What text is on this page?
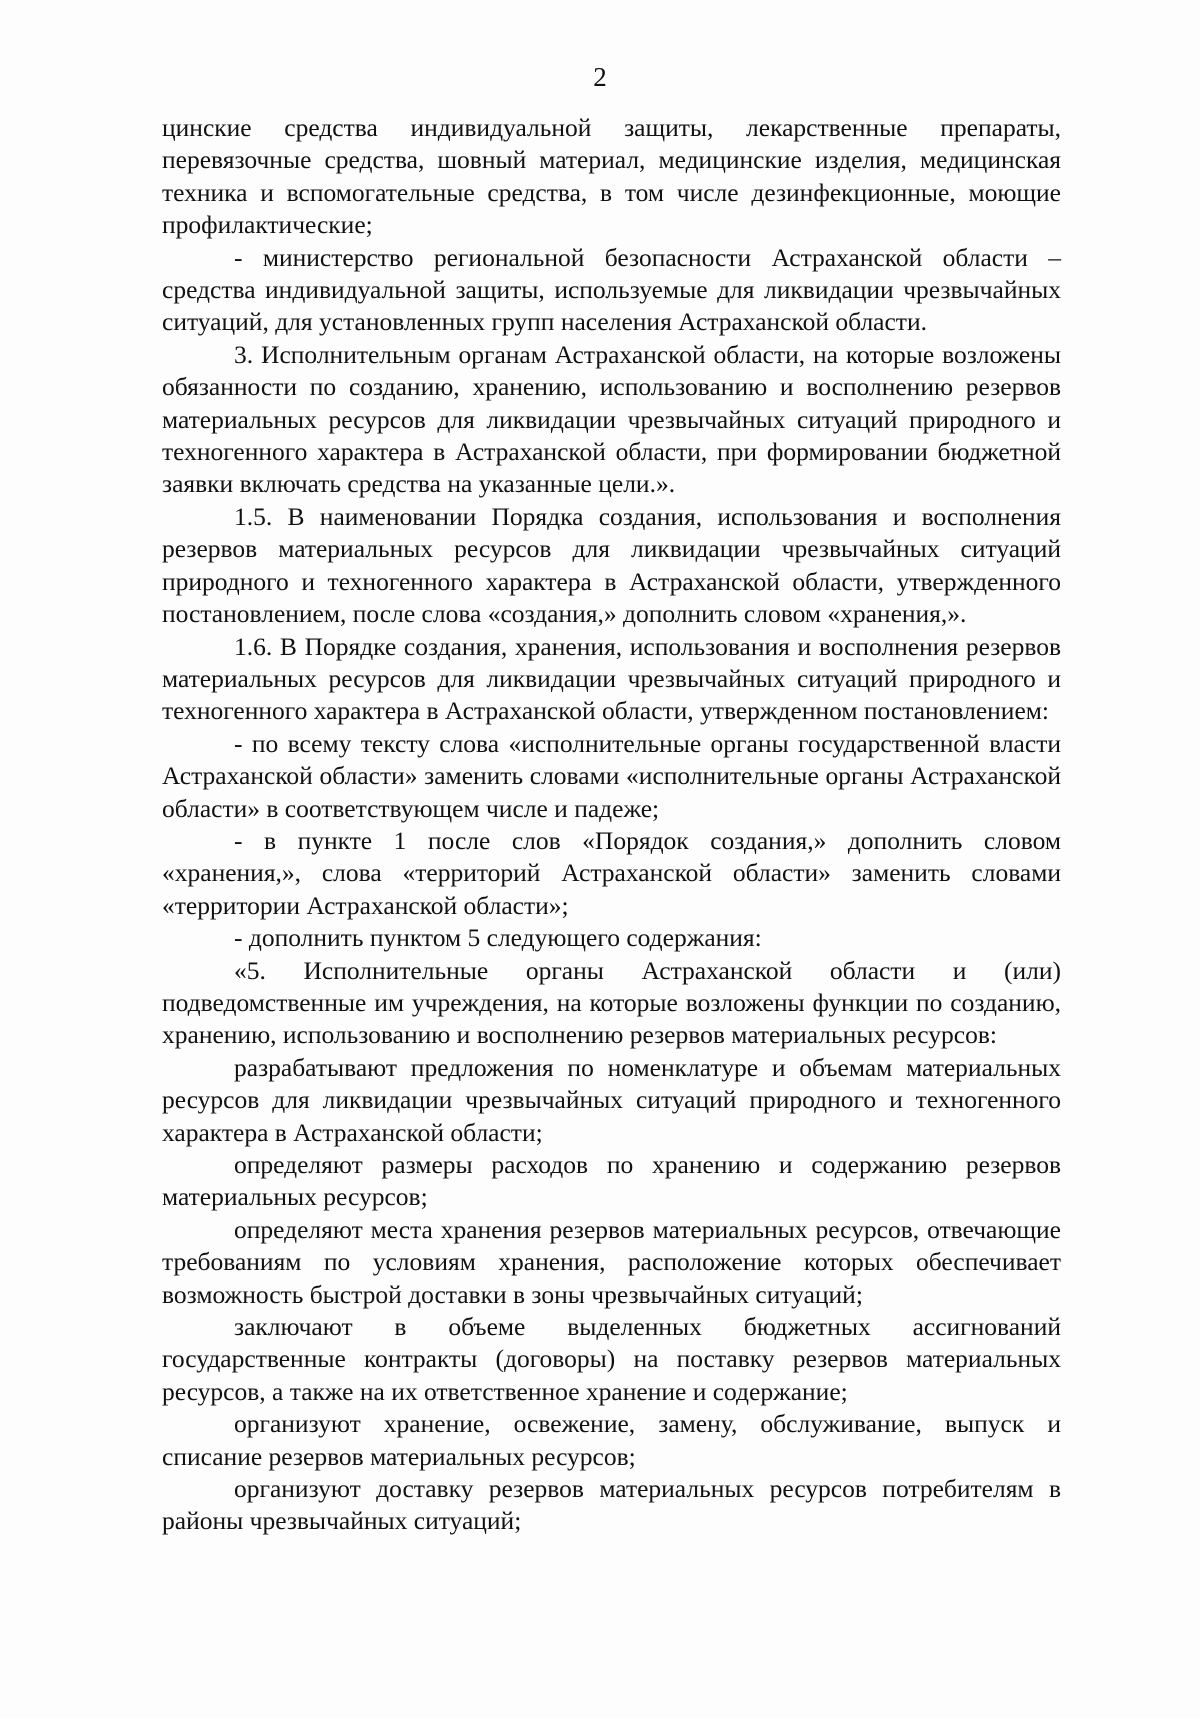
2

цинские средства индивидуальной защиты, лекарственные препараты, перевязочные средства, шовный материал, медицинские изделия, медицинская техника и вспомогательные средства, в том числе дезинфекционные, моющие профилактические;

- министерство региональной безопасности Астраханской области – средства индивидуальной защиты, используемые для ликвидации чрезвычайных ситуаций, для установленных групп населения Астраханской области.

3. Исполнительным органам Астраханской области, на которые возложены обязанности по созданию, хранению, использованию и восполнению резервов материальных ресурсов для ликвидации чрезвычайных ситуаций природного и техногенного характера в Астраханской области, при формировании бюджетной заявки включать средства на указанные цели.».

1.5. В наименовании Порядка создания, использования и восполнения резервов материальных ресурсов для ликвидации чрезвычайных ситуаций природного и техногенного характера в Астраханской области, утвержденного постановлением, после слова «создания,» дополнить словом «хранения,».

1.6. В Порядке создания, хранения, использования и восполнения резервов материальных ресурсов для ликвидации чрезвычайных ситуаций природного и техногенного характера в Астраханской области, утвержденном постановлением:

- по всему тексту слова «исполнительные органы государственной власти Астраханской области» заменить словами «исполнительные органы Астраханской области» в соответствующем числе и падеже;

- в пункте 1 после слов «Порядок создания,» дополнить словом «хранения,», слова «территорий Астраханской области» заменить словами «территории Астраханской области»;

- дополнить пунктом 5 следующего содержания:

«5. Исполнительные органы Астраханской области и (или) подведомственные им учреждения, на которые возложены функции по созданию, хранению, использованию и восполнению резервов материальных ресурсов:

разрабатывают предложения по номенклатуре и объемам материальных ресурсов для ликвидации чрезвычайных ситуаций природного и техногенного характера в Астраханской области;

определяют размеры расходов по хранению и содержанию резервов материальных ресурсов;

определяют места хранения резервов материальных ресурсов, отвечающие требованиям по условиям хранения, расположение которых обеспечивает возможность быстрой доставки в зоны чрезвычайных ситуаций;

заключают в объеме выделенных бюджетных ассигнований государственные контракты (договоры) на поставку резервов материальных ресурсов, а также на их ответственное хранение и содержание;

организуют хранение, освежение, замену, обслуживание, выпуск и списание резервов материальных ресурсов;

организуют доставку резервов материальных ресурсов потребителям в районы чрезвычайных ситуаций;
